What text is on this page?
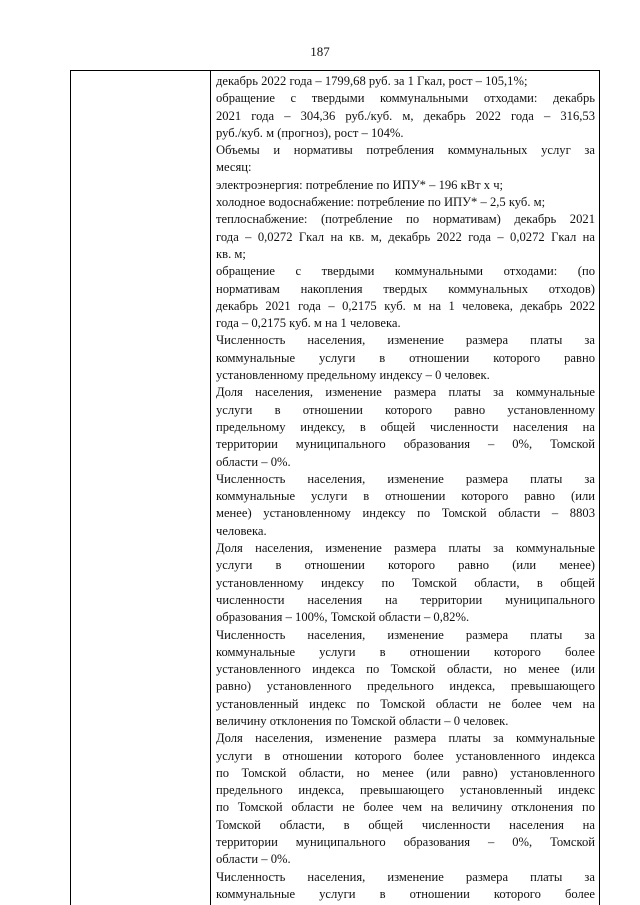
187
декабрь 2022 года – 1799,68 руб. за 1 Гкал, рост – 105,1%;
обращение с твердыми коммунальными отходами: декабрь
2021 года – 304,36 руб./куб. м, декабрь 2022 года – 316,53
руб./куб. м (прогноз), рост – 104%.
Объемы и нормативы потребления коммунальных услуг за
месяц:
электроэнергия: потребление по ИПУ* – 196 кВт х ч;
холодное водоснабжение: потребление по ИПУ* – 2,5 куб. м;
теплоснабжение: (потребление по нормативам) декабрь 2021
года – 0,0272 Гкал на кв. м, декабрь 2022 года – 0,0272 Гкал на
кв. м;
обращение с твердыми коммунальными отходами: (по
нормативам накопления твердых коммунальных отходов)
декабрь 2021 года – 0,2175 куб. м на 1 человека, декабрь 2022
года – 0,2175 куб. м на 1 человека.
Численность населения, изменение размера платы за
коммунальные услуги в отношении которого равно
установленному предельному индексу – 0 человек.
Доля населения, изменение размера платы за коммунальные
услуги в отношении которого равно установленному
предельному индексу, в общей численности населения на
территории муниципального образования – 0%, Томской
области – 0%.
Численность населения, изменение размера платы за
коммунальные услуги в отношении которого равно (или
менее) установленному индексу по Томской области – 8803
человека.
Доля населения, изменение размера платы за коммунальные
услуги в отношении которого равно (или менее)
установленному индексу по Томской области, в общей
численности населения на территории муниципального
образования – 100%, Томской области – 0,82%.
Численность населения, изменение размера платы за
коммунальные услуги в отношении которого более
установленного индекса по Томской области, но менее (или
равно) установленного предельного индекса, превышающего
установленный индекс по Томской области не более чем на
величину отклонения по Томской области – 0 человек.
Доля населения, изменение размера платы за коммунальные
услуги в отношении которого более установленного индекса
по Томской области, но менее (или равно) установленного
предельного индекса, превышающего установленный индекс
по Томской области не более чем на величину отклонения по
Томской области, в общей численности населения на
территории муниципального образования – 0%, Томской
области – 0%.
Численность населения, изменение размера платы за
коммунальные услуги в отношении которого более
